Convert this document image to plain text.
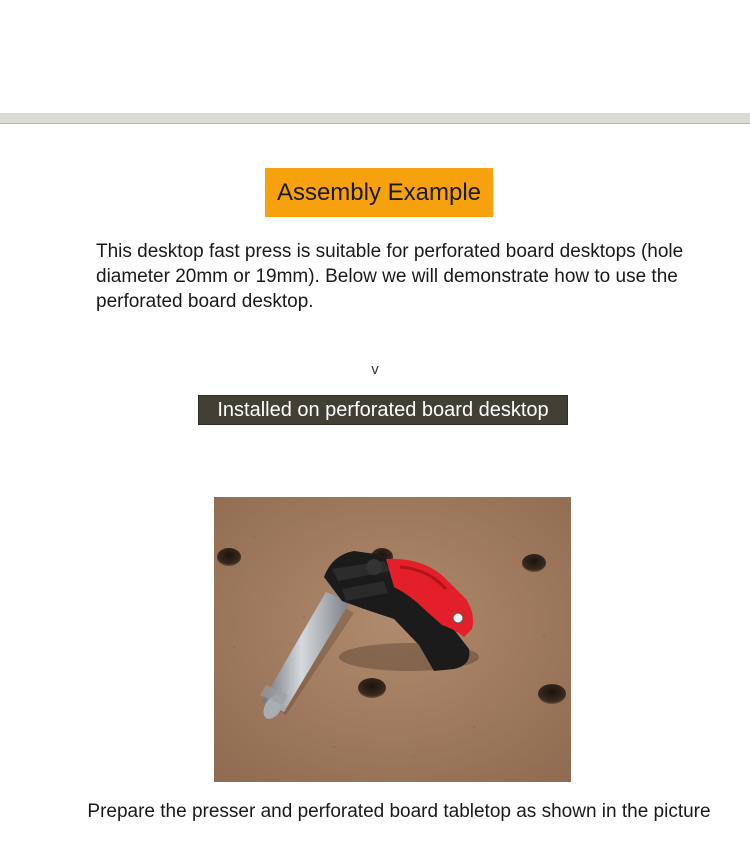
Assembly Example
This desktop fast press is suitable for perforated board desktops (hole diameter 20mm or 19mm). Below we will demonstrate how to use the perforated board desktop.
v
Installed on perforated board desktop
Prepare the presser and perforated board tabletop as shown in the picture
